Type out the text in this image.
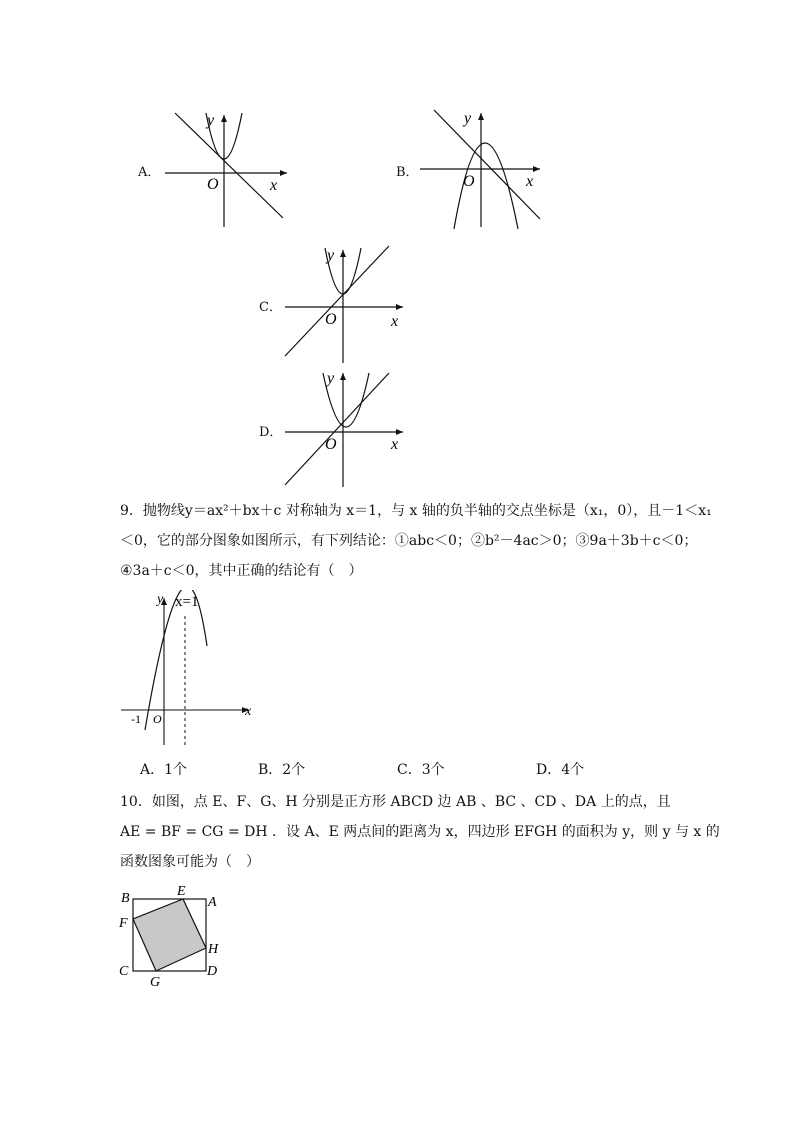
A．
y
O	x
B．
y
O	x
C．
y
O	x
D．
y
O	x
9．抛物线y＝ax²＋bx＋c 对称轴为 x＝1，与 x 轴的负半轴的交点坐标是（x₁，0），且－1＜x₁
＜0，它的部分图象如图所示，有下列结论：①abc＜0；②b²－4ac＞0；③9a＋3b＋c＜0；
④3a＋c＜0，其中正确的结论有（　）
y x=1
-1 O	x
A．1个	B．2个	C．3个	D．4个
10．如图，点 E、F、G、H 分别是正方形 ABCD 边 AB 、BC 、CD 、DA 上的点，且
AE = BF = CG = DH ．设 A、E 两点间的距离为 x，四边形 EFGH 的面积为 y，则 y 与 x 的
函数图象可能为（　）
B	E
A
F
H
C
G
D
